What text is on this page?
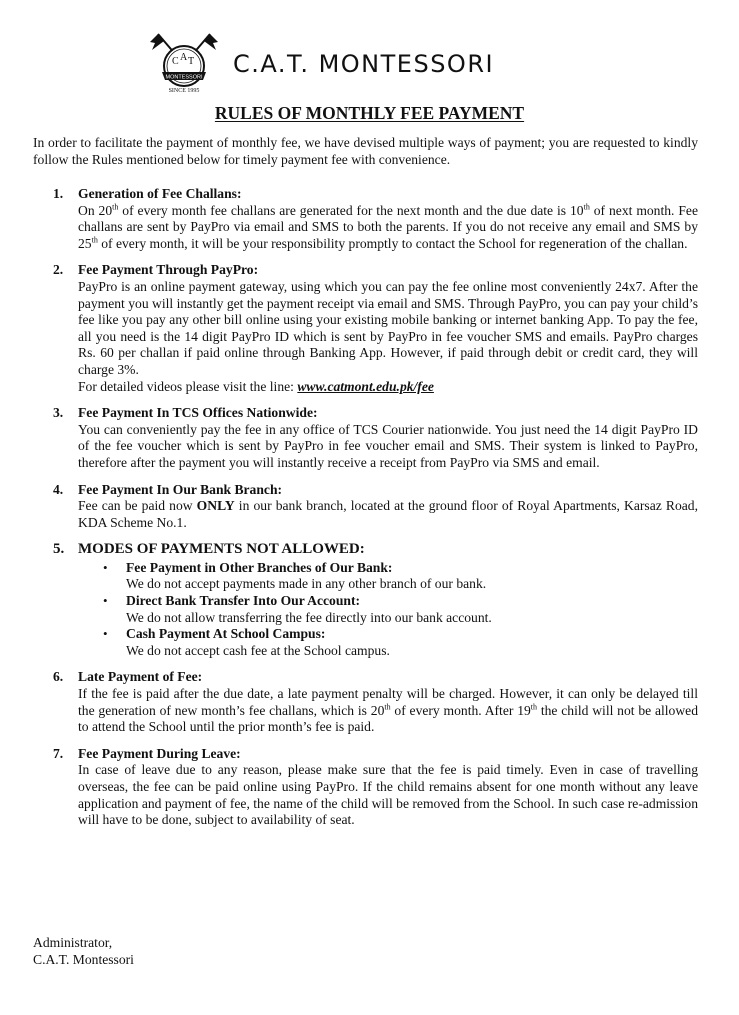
C A T
MONTESSORI
SINCE 1995
C.A.T. MONTESSORI
RULES OF MONTHLY FEE PAYMENT
In order to facilitate the payment of monthly fee, we have devised multiple ways of payment; you are requested to kindly follow the Rules mentioned below for timely payment fee with convenience.
1. Generation of Fee Challans:
On 20th of every month fee challans are generated for the next month and the due date is 10th of next month. Fee challans are sent by PayPro via email and SMS to both the parents. If you do not receive any email and SMS by 25th of every month, it will be your responsibility promptly to contact the School for regeneration of the challan.
2. Fee Payment Through PayPro:

PayPro is an online payment gateway, using which you can pay the fee online most conveniently 24x7. After the payment you will instantly get the payment receipt via email and SMS. Through PayPro, you can pay your child’s fee like you pay any other bill online using your existing mobile banking or internet banking App. To pay the fee, all you need is the 14 digit PayPro ID which is sent by PayPro in fee voucher SMS and emails. PayPro charges Rs. 60 per challan if paid online through Banking App. However, if paid through debit or credit card, they will charge 3%.

For detailed videos please visit the line: www.catmont.edu.pk/fee

3. Fee Payment In TCS Offices Nationwide:
You can conveniently pay the fee in any office of TCS Courier nationwide. You just need the 14 digit PayPro ID of the fee voucher which is sent by PayPro in fee voucher email and SMS. Their system is linked to PayPro, therefore after the payment you will instantly receive a receipt from PayPro via SMS and email.
4. Fee Payment In Our Bank Branch:
Fee can be paid now ONLY in our bank branch, located at the ground floor of Royal Apartments, Karsaz Road, KDA Scheme No.1.
5. MODES OF PAYMENTS NOT ALLOWED:
• Fee Payment in Other Branches of Our Bank:
We do not accept payments made in any other branch of our bank.
• Direct Bank Transfer Into Our Account:
We do not allow transferring the fee directly into our bank account.
• Cash Payment At School Campus:
We do not accept cash fee at the School campus.
6. Late Payment of Fee:
If the fee is paid after the due date, a late payment penalty will be charged. However, it can only be delayed till the generation of new month’s fee challans, which is 20th of every month. After 19th the child will not be allowed to attend the School until the prior month’s fee is paid.
7. Fee Payment During Leave:
In case of leave due to any reason, please make sure that the fee is paid timely. Even in case of travelling overseas, the fee can be paid online using PayPro. If the child remains absent for one month without any leave application and payment of fee, the name of the child will be removed from the School. In such case re-admission will have to be done, subject to availability of seat.
Administrator,
C.A.T. Montessori
